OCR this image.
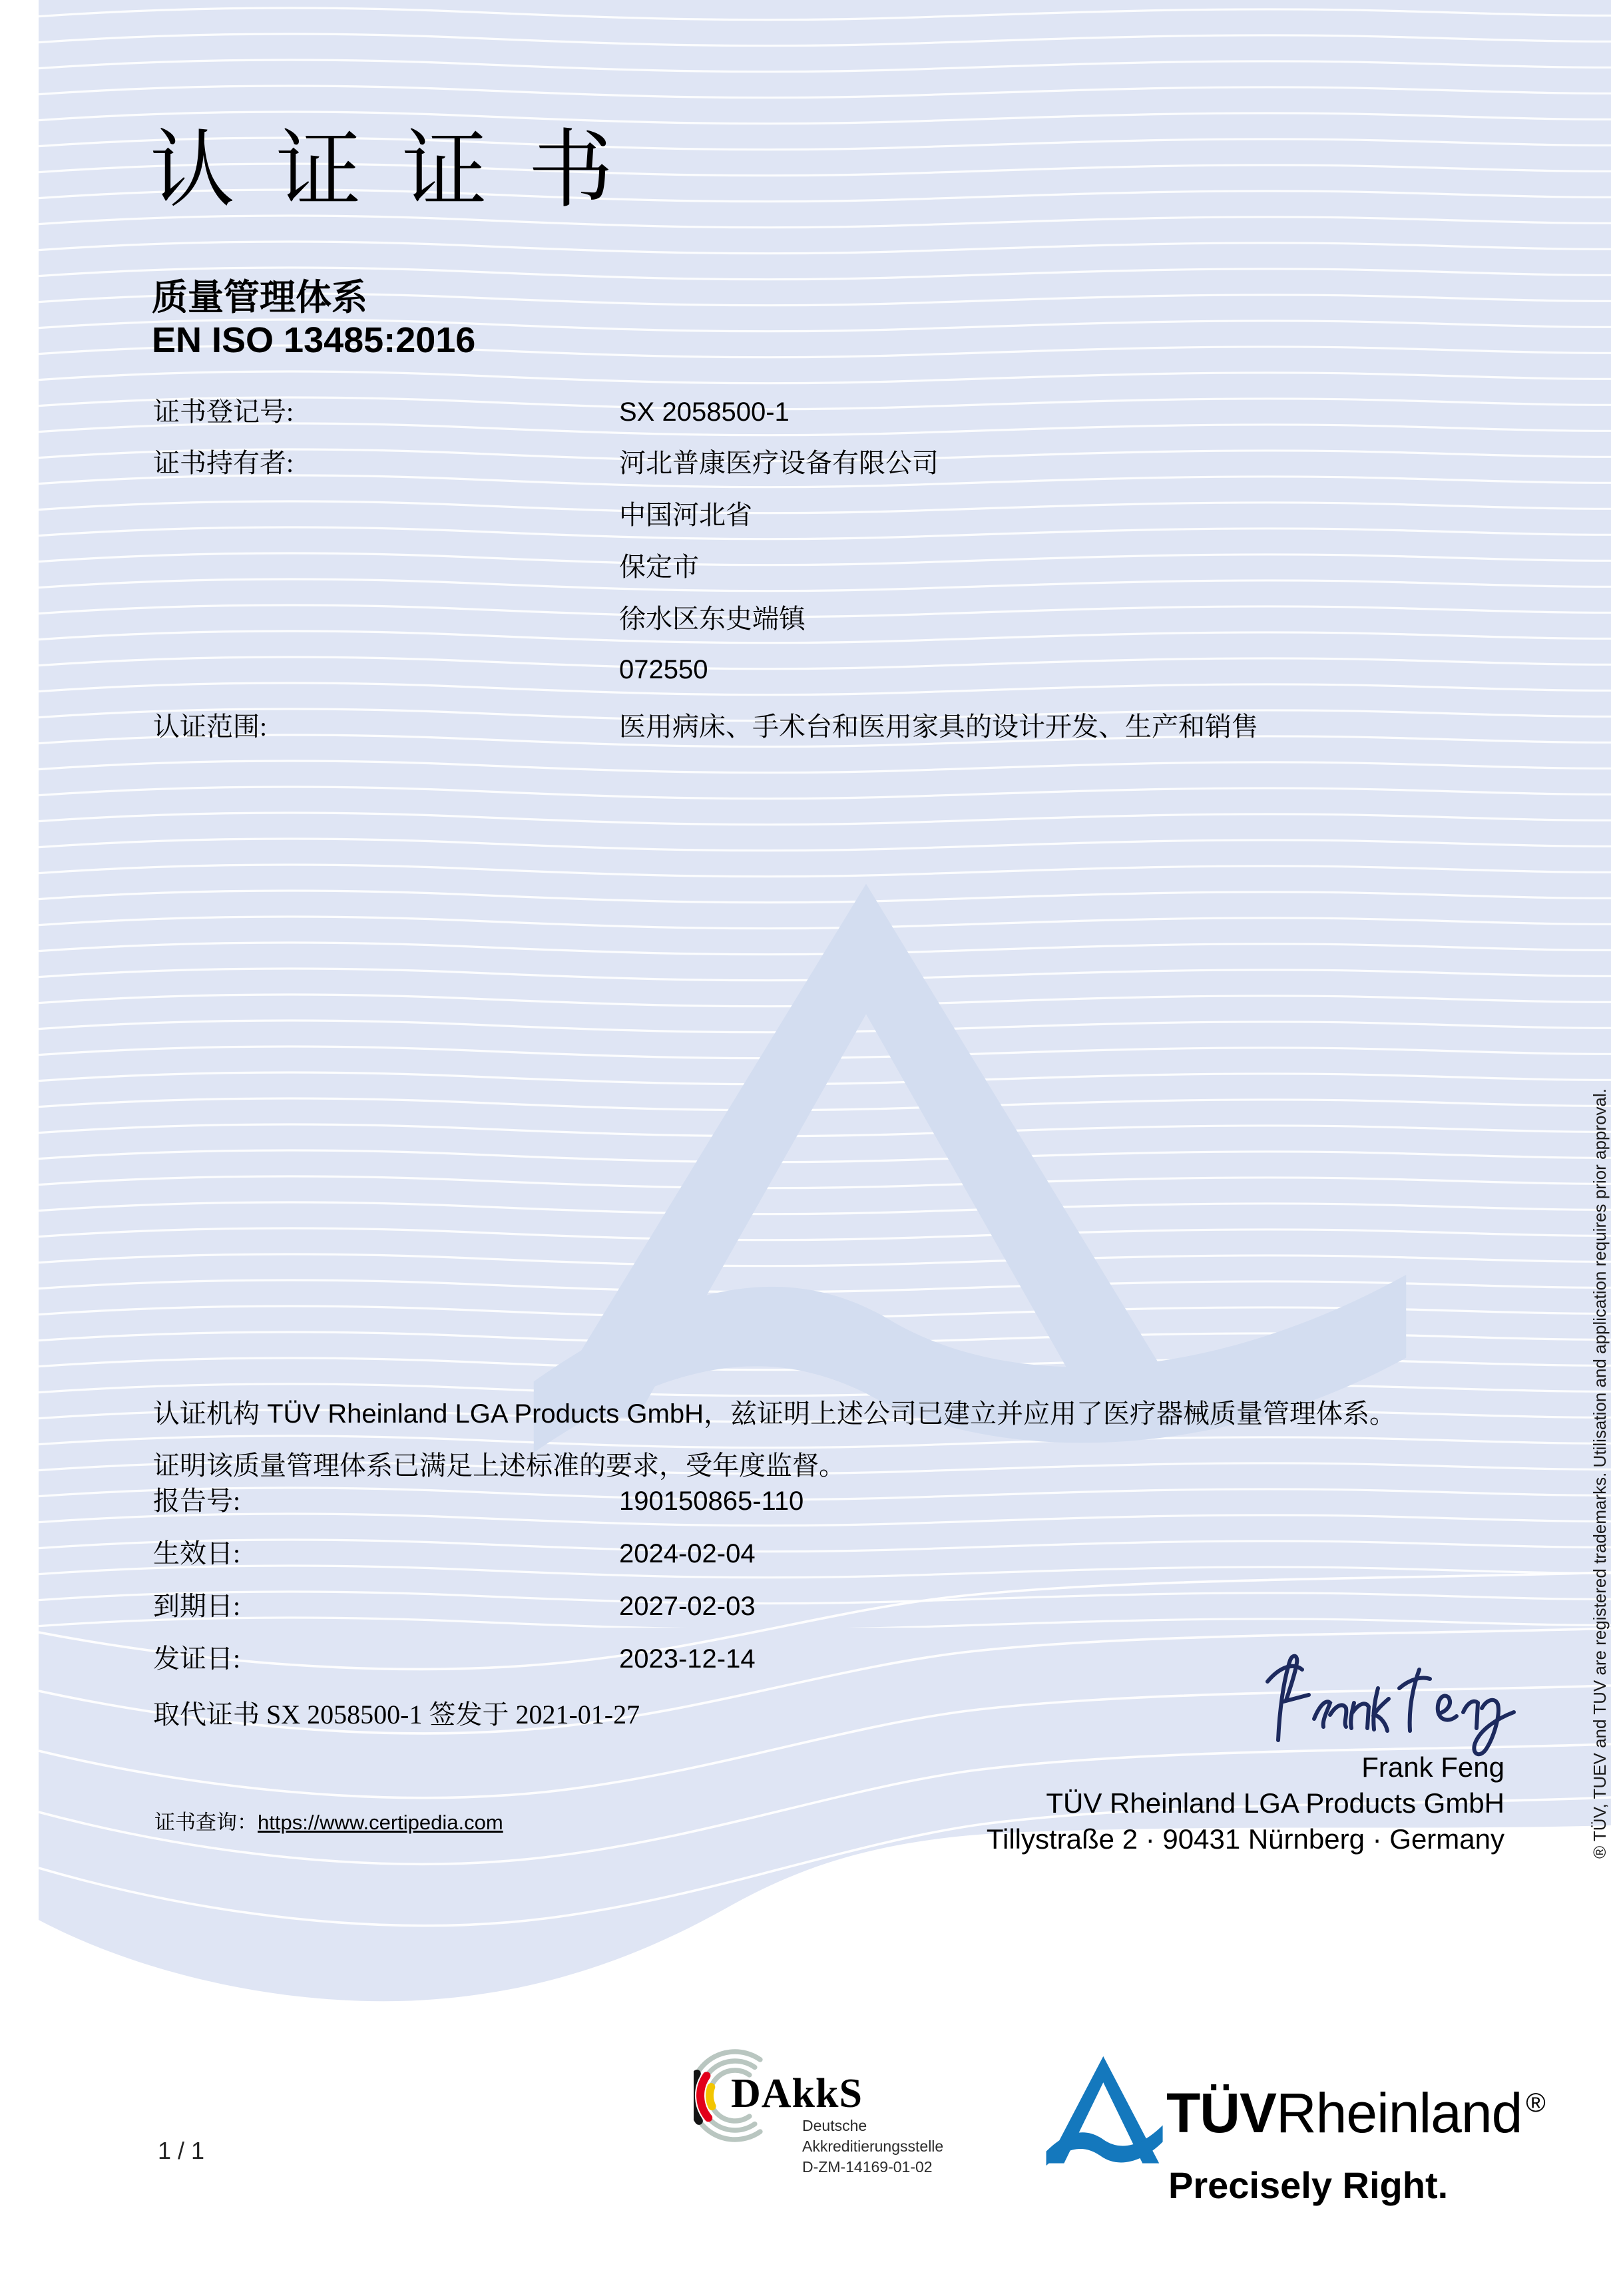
认证证书
质量管理体系
EN ISO 13485:2016
证书登记号:	SX 2058500-1
证书持有者:	河北普康医疗设备有限公司
中国河北省
保定市
徐水区东史端镇
072550
认证范围:	医用病床、手术台和医用家具的设计开发、生产和销售
认证机构 TÜV Rheinland LGA Products GmbH，兹证明上述公司已建立并应用了医疗器械质量管理体系。
证明该质量管理体系已满足上述标准的要求，受年度监督。
报告号:	190150865-110
生效日:	2024-02-04
到期日:	2027-02-03
发证日:	2023-12-14
取代证书 SX 2058500-1 签发于 2021-01-27
证书查询：https://www.certipedia.com
Frank Feng
TÜV Rheinland LGA Products GmbH
Tillystraße 2 · 90431 Nürnberg · Germany	® TÜV, TUEV and TUV are registered trademarks. Utilisation and application requires prior approval.
1 / 1
DAkkS
Deutsche
Akkreditierungsstelle
D-ZM-14169-01-02
TÜVRheinland ®
Precisely Right.
